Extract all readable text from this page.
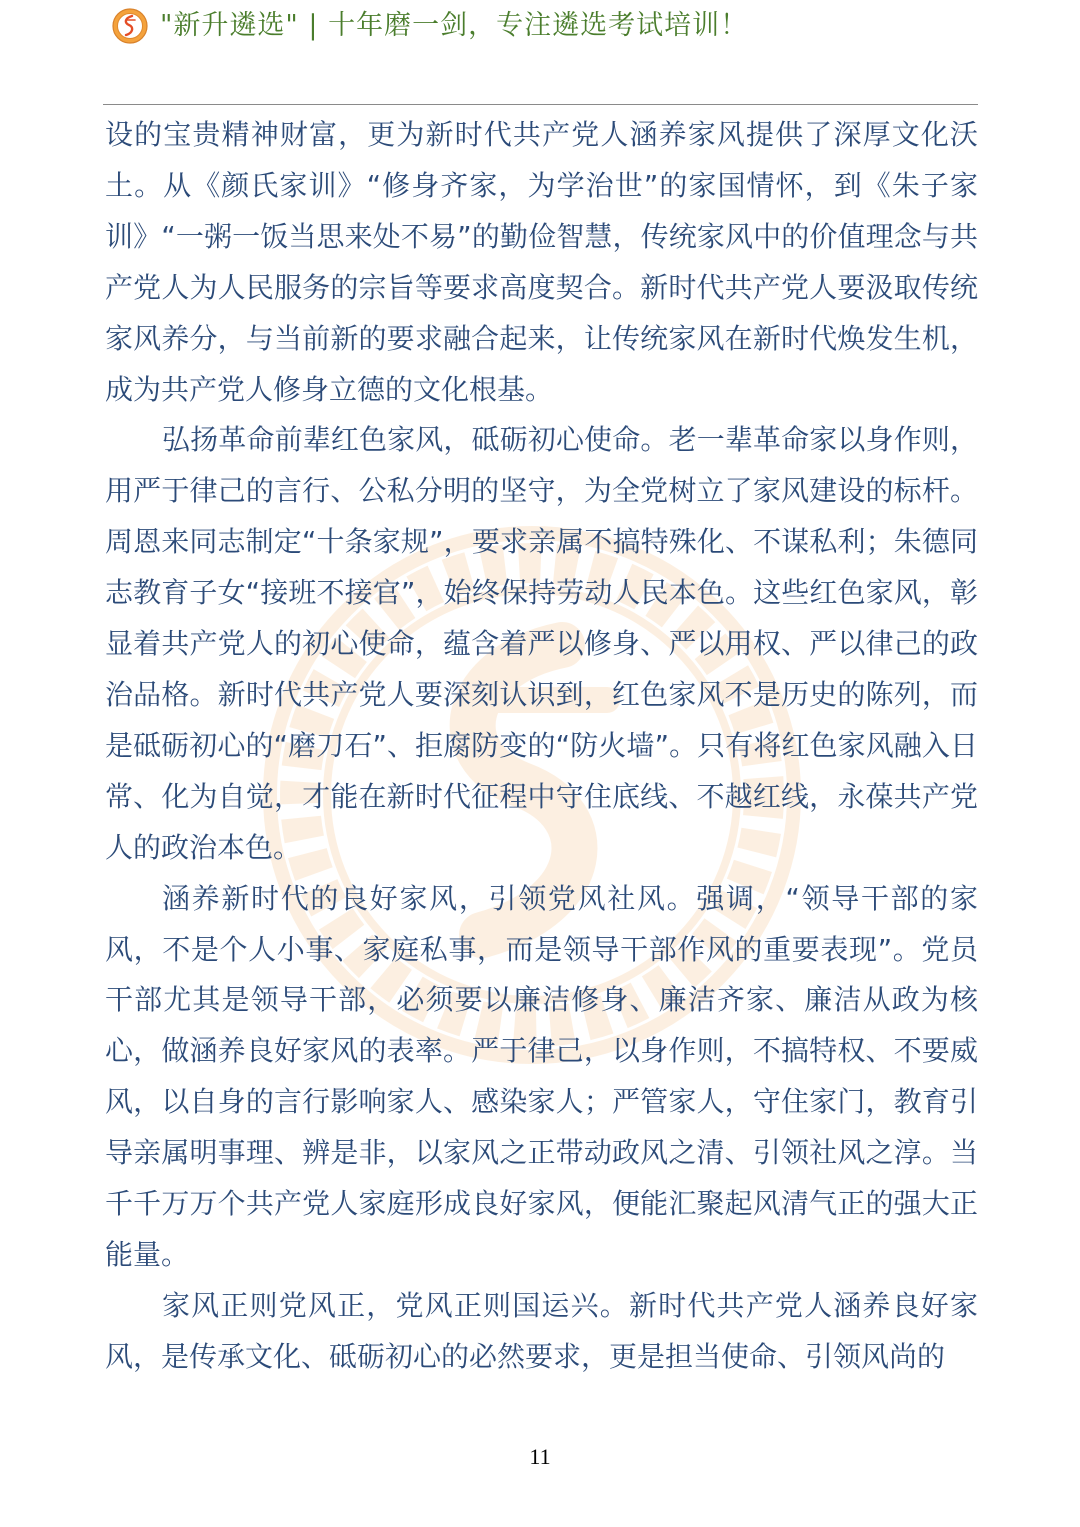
"新升遴选" | 十年磨一剑，专注遴选考试培训！

设的宝贵精神财富，更为新时代共产党人涵养家风提供了深厚文化沃土。从《颜氏家训》“修身齐家，为学治世”的家国情怀，到《朱子家训》“一粥一饭当思来处不易”的勤俭智慧，传统家风中的价值理念与共产党人为人民服务的宗旨等要求高度契合。新时代共产党人要汲取传统家风养分，与当前新的要求融合起来，让传统家风在新时代焕发生机，成为共产党人修身立德的文化根基。

弘扬革命前辈红色家风，砥砺初心使命。老一辈革命家以身作则，用严于律己的言行、公私分明的坚守，为全党树立了家风建设的标杆。周恩来同志制定“十条家规”，要求亲属不搞特殊化、不谋私利；朱德同志教育子女“接班不接官”，始终保持劳动人民本色。这些红色家风，彰显着共产党人的初心使命，蕴含着严以修身、严以用权、严以律己的政治品格。新时代共产党人要深刻认识到，红色家风不是历史的陈列，而是砥砺初心的“磨刀石”、拒腐防变的“防火墙”。只有将红色家风融入日常、化为自觉，才能在新时代征程中守住底线、不越红线，永葆共产党人的政治本色。

涵养新时代的良好家风，引领党风社风。强调，“领导干部的家风，不是个人小事、家庭私事，而是领导干部作风的重要表现”。党员干部尤其是领导干部，必须要以廉洁修身、廉洁齐家、廉洁从政为核心，做涵养良好家风的表率。严于律己，以身作则，不搞特权、不要威风，以自身的言行影响家人、感染家人；严管家人，守住家门，教育引导亲属明事理、辨是非，以家风之正带动政风之清、引领社风之淳。当千千万万个共产党人家庭形成良好家风，便能汇聚起风清气正的强大正能量。

家风正则党风正，党风正则国运兴。新时代共产党人涵养良好家风，是传承文化、砥砺初心的必然要求，更是担当使命、引领风尚的

11
